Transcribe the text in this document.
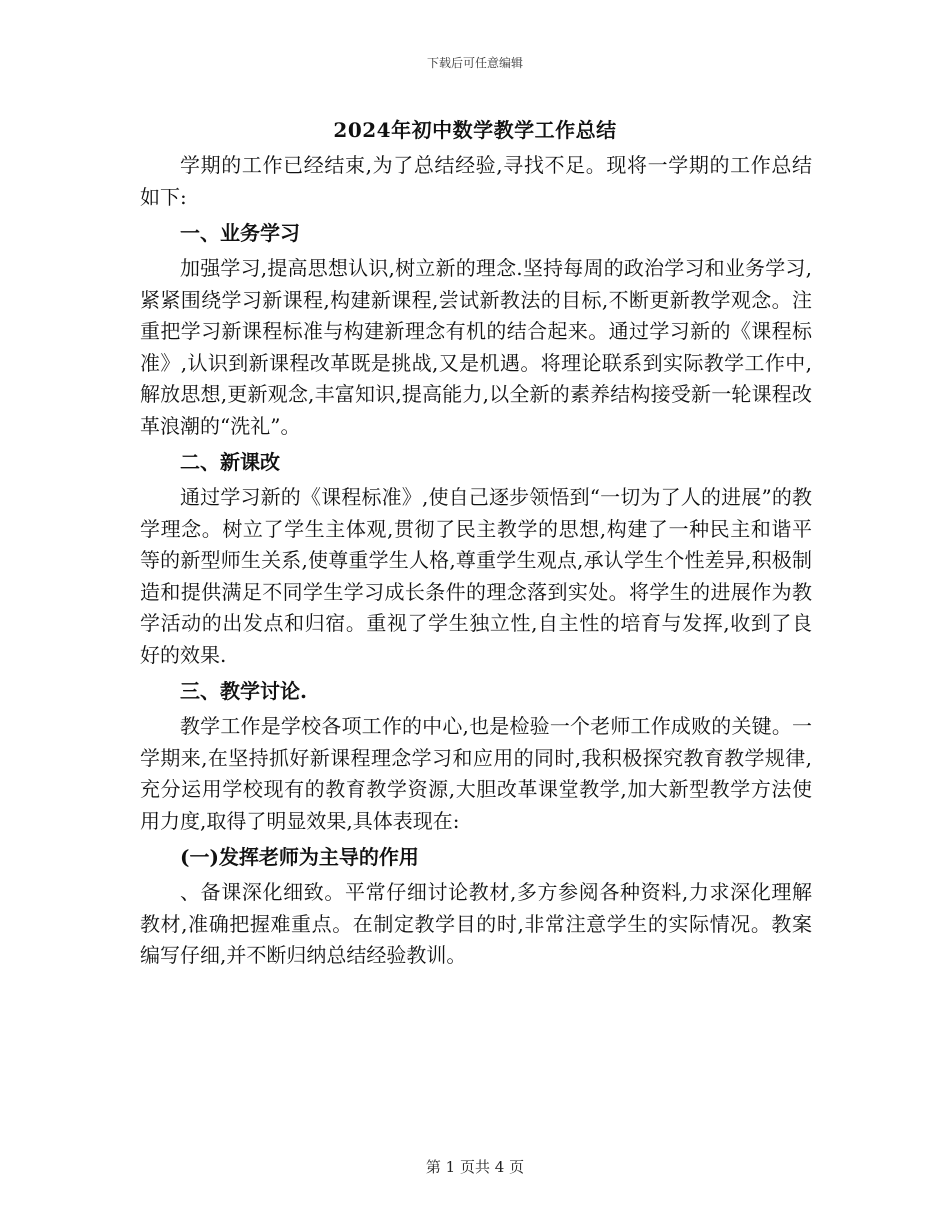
下载后可任意编辑
2024年初中数学教学工作总结

学期的工作已经结束,为了总结经验,寻找不足。现将一学期的工作总结如下:

一、业务学习

加强学习,提高思想认识,树立新的理念.坚持每周的政治学习和业务学习,紧紧围绕学习新课程,构建新课程,尝试新教法的目标,不断更新教学观念。注重把学习新课程标准与构建新理念有机的结合起来。通过学习新的《课程标准》,认识到新课程改革既是挑战,又是机遇。将理论联系到实际教学工作中,解放思想,更新观念,丰富知识,提高能力,以全新的素养结构接受新一轮课程改革浪潮的“洗礼”。

二、新课改

通过学习新的《课程标准》,使自己逐步领悟到“一切为了人的进展”的教学理念。树立了学生主体观,贯彻了民主教学的思想,构建了一种民主和谐平等的新型师生关系,使尊重学生人格,尊重学生观点,承认学生个性差异,积极制造和提供满足不同学生学习成长条件的理念落到实处。将学生的进展作为教学活动的出发点和归宿。重视了学生独立性,自主性的培育与发挥,收到了良好的效果.

三、教学讨论.

教学工作是学校各项工作的中心,也是检验一个老师工作成败的关键。一学期来,在坚持抓好新课程理念学习和应用的同时,我积极探究教育教学规律,充分运用学校现有的教育教学资源,大胆改革课堂教学,加大新型教学方法使用力度,取得了明显效果,具体表现在:

(一)发挥老师为主导的作用

、备课深化细致。平常仔细讨论教材,多方参阅各种资料,力求深化理解教材,准确把握难重点。在制定教学目的时,非常注意学生的实际情况。教案编写仔细,并不断归纳总结经验教训。

第 1 页共 4 页
